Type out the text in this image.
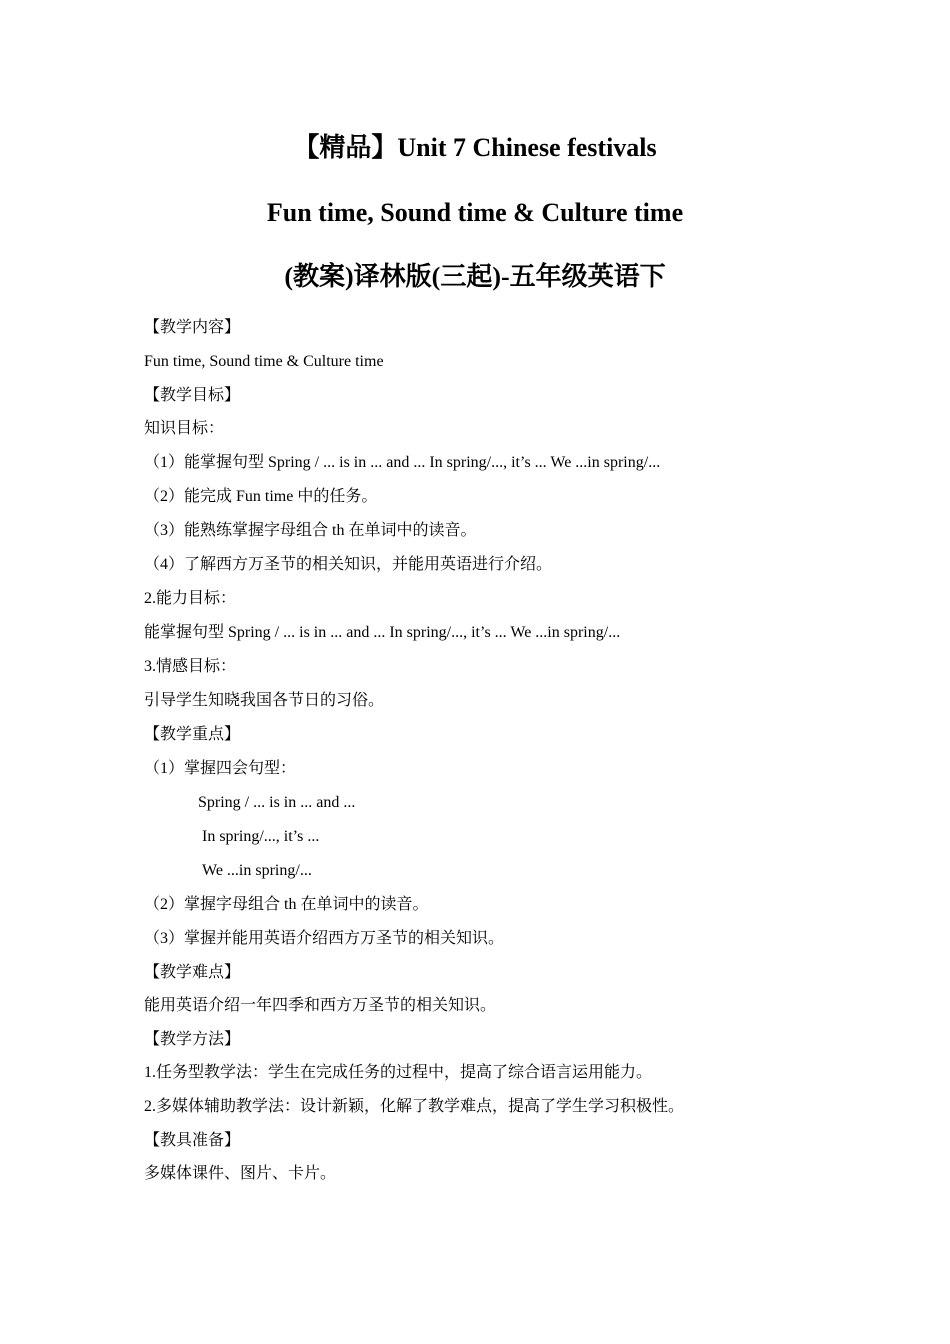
【精品】Unit 7 Chinese festivals
Fun time, Sound time & Culture time
(教案)译林版(三起)-五年级英语下
【教学内容】
Fun time, Sound time & Culture time
【教学目标】
知识目标：
（1）能掌握句型 Spring / ... is in ... and ... In spring/..., it’s ... We ...in spring/...
（2）能完成 Fun time 中的任务。
（3）能熟练掌握字母组合 th 在单词中的读音。
（4）了解西方万圣节的相关知识，并能用英语进行介绍。
2.能力目标：
能掌握句型 Spring / ... is in ... and ... In spring/..., it’s ... We ...in spring/...
3.情感目标：
引导学生知晓我国各节日的习俗。
【教学重点】
（1）掌握四会句型：
Spring / ... is in ... and ...
In spring/..., it’s ...
We ...in spring/...
（2）掌握字母组合 th 在单词中的读音。
（3）掌握并能用英语介绍西方万圣节的相关知识。
【教学难点】
能用英语介绍一年四季和西方万圣节的相关知识。
【教学方法】
1.任务型教学法：学生在完成任务的过程中，提高了综合语言运用能力。
2.多媒体辅助教学法：设计新颖，化解了教学难点，提高了学生学习积极性。
【教具准备】
多媒体课件、图片、卡片。
